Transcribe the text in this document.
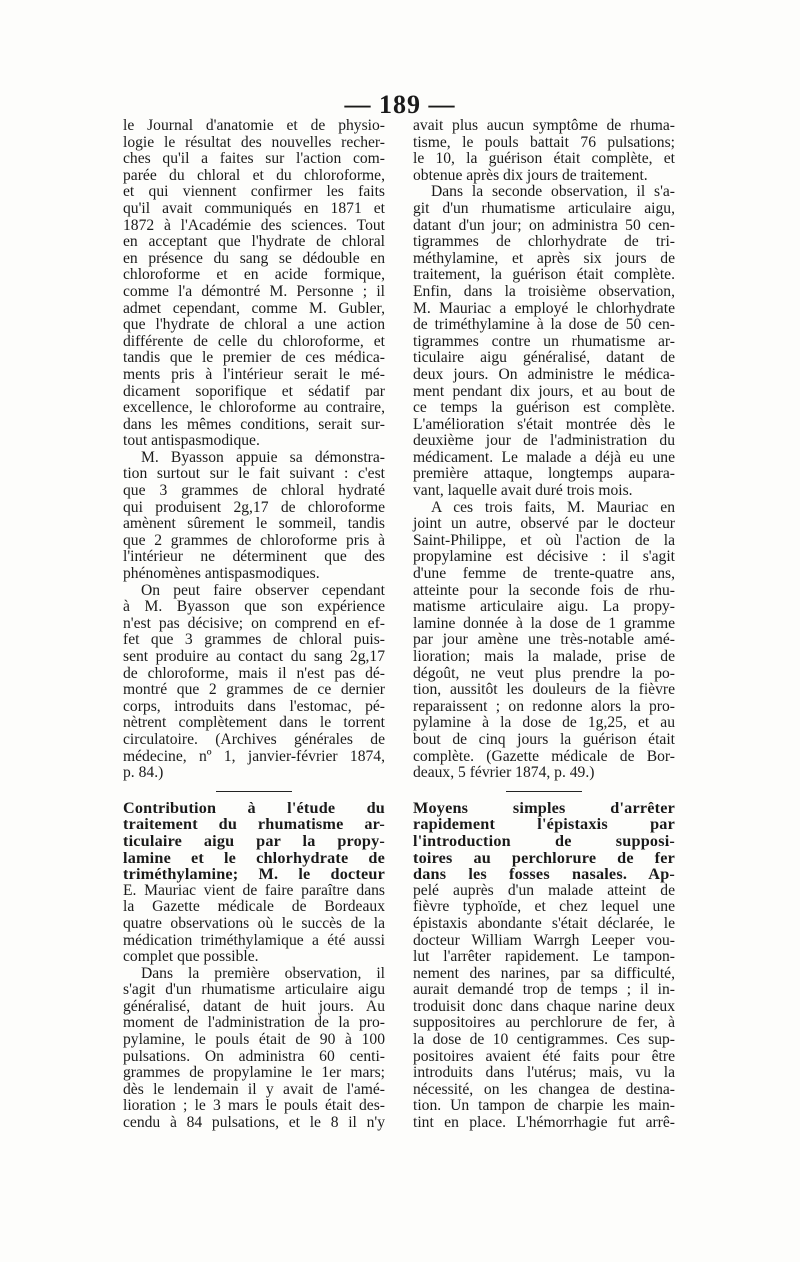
— 189 —
le Journal d'anatomie et de physio-
logie le résultat des nouvelles recher-
ches qu'il a faites sur l'action com-
parée du chloral et du chloroforme,
et qui viennent confirmer les faits
qu'il avait communiqués en 1871 et
1872 à l'Académie des sciences. Tout
en acceptant que l'hydrate de chloral
en présence du sang se dédouble en
chloroforme et en acide formique,
comme l'a démontré M. Personne ; il
admet cependant, comme M. Gubler,
que l'hydrate de chloral a une action
différente de celle du chloroforme, et
tandis que le premier de ces médica-
ments pris à l'intérieur serait le mé-
dicament soporifique et sédatif par
excellence, le chloroforme au contraire,
dans les mêmes conditions, serait sur-
tout antispasmodique.
M. Byasson appuie sa démonstra-
tion surtout sur le fait suivant : c'est
que 3 grammes de chloral hydraté
qui produisent 2g,17 de chloroforme
amènent sûrement le sommeil, tandis
que 2 grammes de chloroforme pris à
l'intérieur ne déterminent que des
phénomènes antispasmodiques.
On peut faire observer cependant
à M. Byasson que son expérience
n'est pas décisive; on comprend en ef-
fet que 3 grammes de chloral puis-
sent produire au contact du sang 2g,17
de chloroforme, mais il n'est pas dé-
montré que 2 grammes de ce dernier
corps, introduits dans l'estomac, pé-
nètrent complètement dans le torrent
circulatoire. (Archives générales de
médecine, nº 1, janvier-février 1874,
p. 84.)
Contribution à l'étude du
traitement du rhumatisme ar-
ticulaire aigu par la propy-
lamine et le chlorhydrate de
triméthylamine; M. le docteur
E. Mauriac vient de faire paraître dans
la Gazette médicale de Bordeaux
quatre observations où le succès de la
médication triméthylamique a été aussi
complet que possible.
Dans la première observation, il
s'agit d'un rhumatisme articulaire aigu
généralisé, datant de huit jours. Au
moment de l'administration de la pro-
pylamine, le pouls était de 90 à 100
pulsations. On administra 60 centi-
grammes de propylamine le 1er mars;
dès le lendemain il y avait de l'amé-
lioration ; le 3 mars le pouls était des-
cendu à 84 pulsations, et le 8 il n'y
avait plus aucun symptôme de rhuma-
tisme, le pouls battait 76 pulsations;
le 10, la guérison était complète, et
obtenue après dix jours de traitement.
Dans la seconde observation, il s'a-
git d'un rhumatisme articulaire aigu,
datant d'un jour; on administra 50 cen-
tigrammes de chlorhydrate de tri-
méthylamine, et après six jours de
traitement, la guérison était complète.
Enfin, dans la troisième observation,
M. Mauriac a employé le chlorhydrate
de triméthylamine à la dose de 50 cen-
tigrammes contre un rhumatisme ar-
ticulaire aigu généralisé, datant de
deux jours. On administre le médica-
ment pendant dix jours, et au bout de
ce temps la guérison est complète.
L'amélioration s'était montrée dès le
deuxième jour de l'administration du
médicament. Le malade a déjà eu une
première attaque, longtemps aupara-
vant, laquelle avait duré trois mois.
A ces trois faits, M. Mauriac en
joint un autre, observé par le docteur
Saint-Philippe, et où l'action de la
propylamine est décisive : il s'agit
d'une femme de trente-quatre ans,
atteinte pour la seconde fois de rhu-
matisme articulaire aigu. La propy-
lamine donnée à la dose de 1 gramme
par jour amène une très-notable amé-
lioration; mais la malade, prise de
dégoût, ne veut plus prendre la po-
tion, aussitôt les douleurs de la fièvre
reparaissent ; on redonne alors la pro-
pylamine à la dose de 1g,25, et au
bout de cinq jours la guérison était
complète. (Gazette médicale de Bor-
deaux, 5 février 1874, p. 49.)
Moyens simples d'arrêter
rapidement l'épistaxis par
l'introduction de supposi-
toires au perchlorure de fer
dans les fosses nasales. Ap-
pelé auprès d'un malade atteint de
fièvre typhoïde, et chez lequel une
épistaxis abondante s'était déclarée, le
docteur William Warrgh Leeper vou-
lut l'arrêter rapidement. Le tampon-
nement des narines, par sa difficulté,
aurait demandé trop de temps ; il in-
troduisit donc dans chaque narine deux
suppositoires au perchlorure de fer, à
la dose de 10 centigrammes. Ces sup-
positoires avaient été faits pour être
introduits dans l'utérus; mais, vu la
nécessité, on les changea de destina-
tion. Un tampon de charpie les main-
tint en place. L'hémorrhagie fut arrê-
